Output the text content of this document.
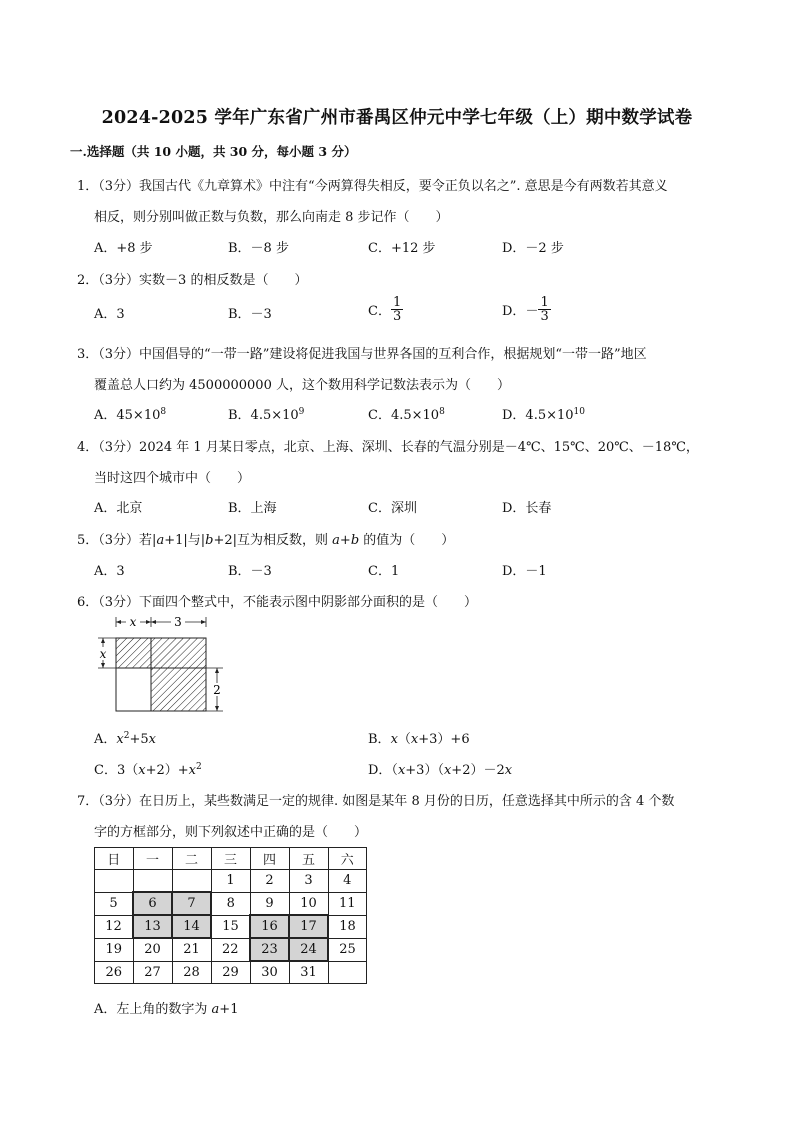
2024-2025 学年广东省广州市番禺区仲元中学七年级（上）期中数学试卷
一.选择题（共 10 小题，共 30 分，每小题 3 分）
1．（3分）我国古代《九章算术》中注有“今两算得失相反，要令正负以名之”. 意思是今有两数若其意义
相反，则分别叫做正数与负数，那么向南走 8 步记作（　　）
A．+8 步	B．－8 步	C．+12 步	D．－2 步
2．（3分）实数－3 的相反数是（　　）
A．3	B．－3	C． $\frac{1}{3}$	D．－ $\frac{1}{3}$
3．（3分）中国倡导的“一带一路”建设将促进我国与世界各国的互利合作，根据规划“一带一路”地区
覆盖总人口约为 4500000000 人，这个数用科学记数法表示为（　　）
A．$45\times 10^8$	B．$4.5\times 10^9$	C．$4.5\times 10^8$	D．$4.5\times 10^{10}$
4．（3分）2024 年 1 月某日零点，北京、上海、深圳、长春的气温分别是－4℃、15℃、20℃、－18℃，
当时这四个城市中（　　）
A．北京	B．上海	C．深圳	D．长春
5．（3分）若|a+1|与|b+2|互为相反数，则 a+b 的值为（　　）
A．3	B．－3	C．1	D．－1
6．（3分）下面四个整式中，不能表示图中阴影部分面积的是（　　）
x	3
x
2
A．$x^2+5x$	B．x（x+3）+6
C．$3(x+2)+x^2$	D．（x+3）（x+2）－2x
7．（3分）在日历上，某些数满足一定的规律. 如图是某年 8 月份的日历，任意选择其中所示的含 4 个数
字的方框部分，则下列叙述中正确的是（　　）
日	一	二	三	四	五	六
			1	2	3	4
5	6	7	8	9	10	11
12	13	14	15	16	17	18
19	20	21	22	23	24	25
26	27	28	29	30	31	
A．左上角的数字为 a+1
